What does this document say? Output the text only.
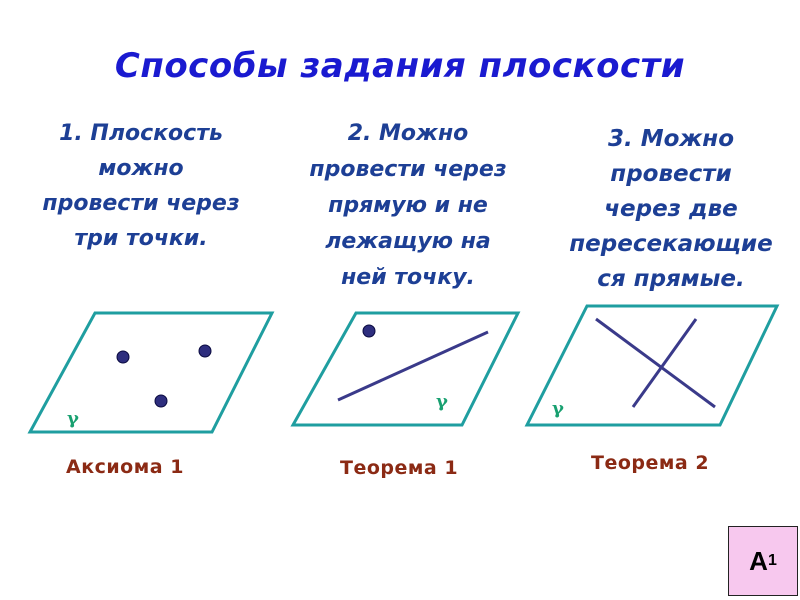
Способы задания плоскости
1. Плоскость
можно
провести через
три точки.
2. Можно
провести через
прямую и не
лежащую на
ней точку.
3. Можно
провести
через две
пересекающие
ся прямые.
γ
γ	γ
Аксиома 1	Теорема 1	Теорема 2
А 1
